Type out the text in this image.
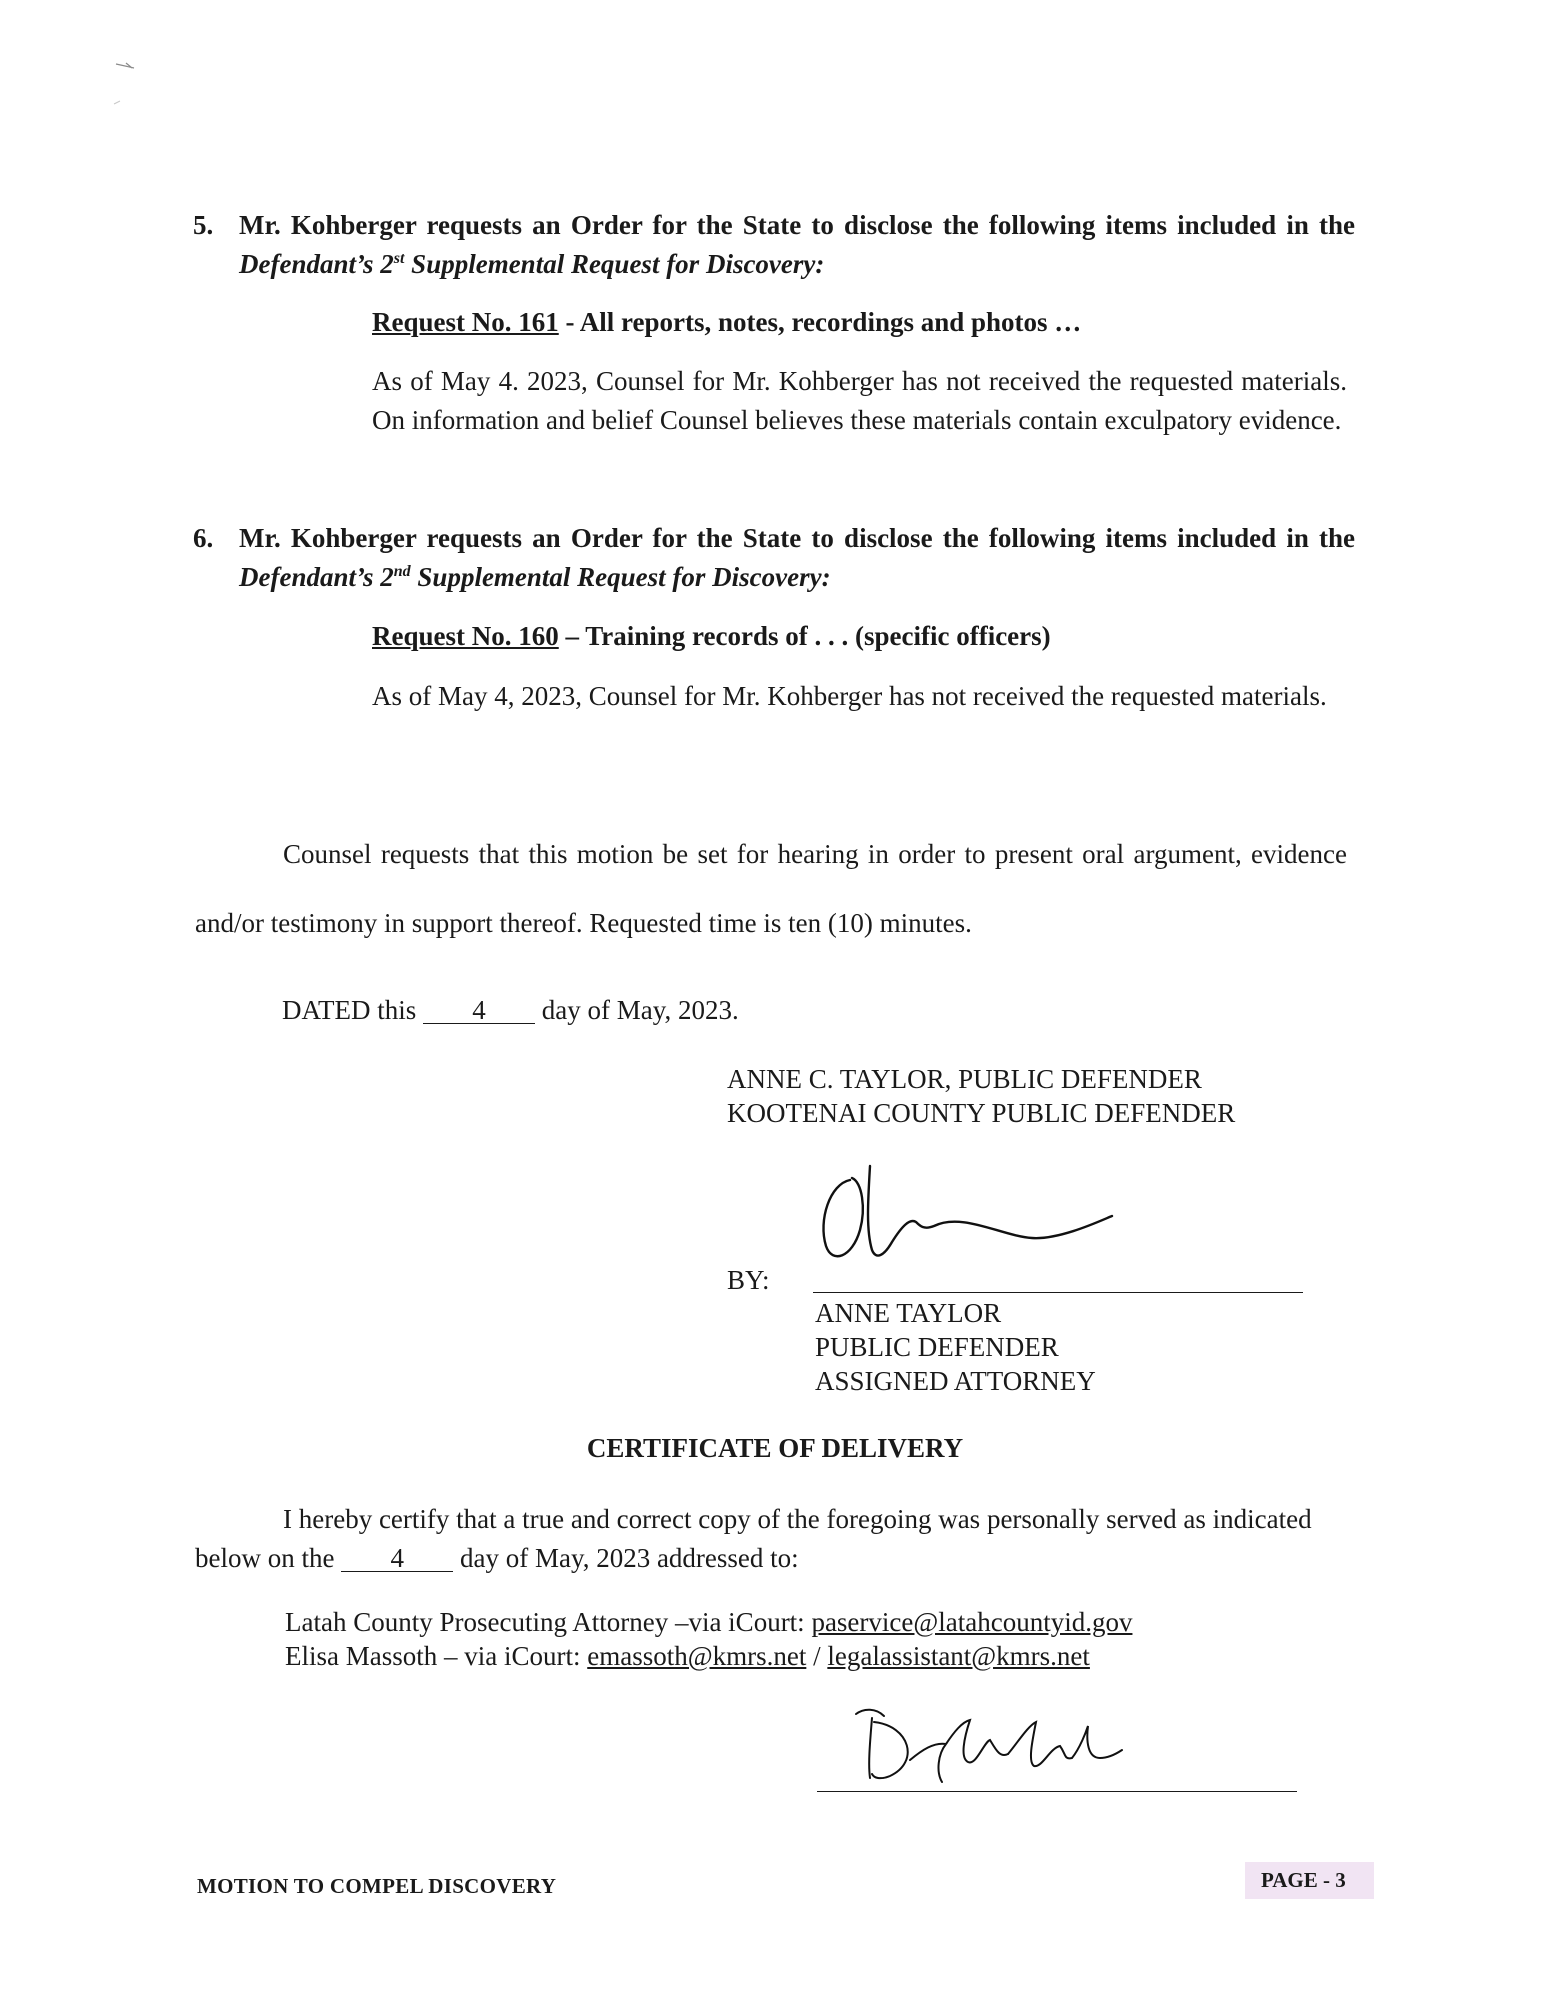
5. Mr. Kohberger requests an Order for the State to disclose the following items included in the Defendant’s 2st Supplemental Request for Discovery:
Request No. 161 - All reports, notes, recordings and photos …
As of May 4. 2023, Counsel for Mr. Kohberger has not received the requested materials. On information and belief Counsel believes these materials contain exculpatory evidence.
6. Mr. Kohberger requests an Order for the State to disclose the following items included in the Defendant’s 2nd Supplemental Request for Discovery:
Request No. 160 – Training records of . . . (specific officers)
As of May 4, 2023, Counsel for Mr. Kohberger has not received the requested materials.
Counsel requests that this motion be set for hearing in order to present oral argument, evidence and/or testimony in support thereof. Requested time is ten (10) minutes.
DATED this 4 day of May, 2023.
ANNE C. TAYLOR, PUBLIC DEFENDER
KOOTENAI COUNTY PUBLIC DEFENDER
BY:
ANNE TAYLOR
PUBLIC DEFENDER
ASSIGNED ATTORNEY
CERTIFICATE OF DELIVERY
I hereby certify that a true and correct copy of the foregoing was personally served as indicated below on the 4 day of May, 2023 addressed to:
Latah County Prosecuting Attorney –via iCourt: paservice@latahcountyid.gov
Elisa Massoth – via iCourt: emassoth@kmrs.net / legalassistant@kmrs.net
MOTION TO COMPEL DISCOVERY	PAGE - 3
